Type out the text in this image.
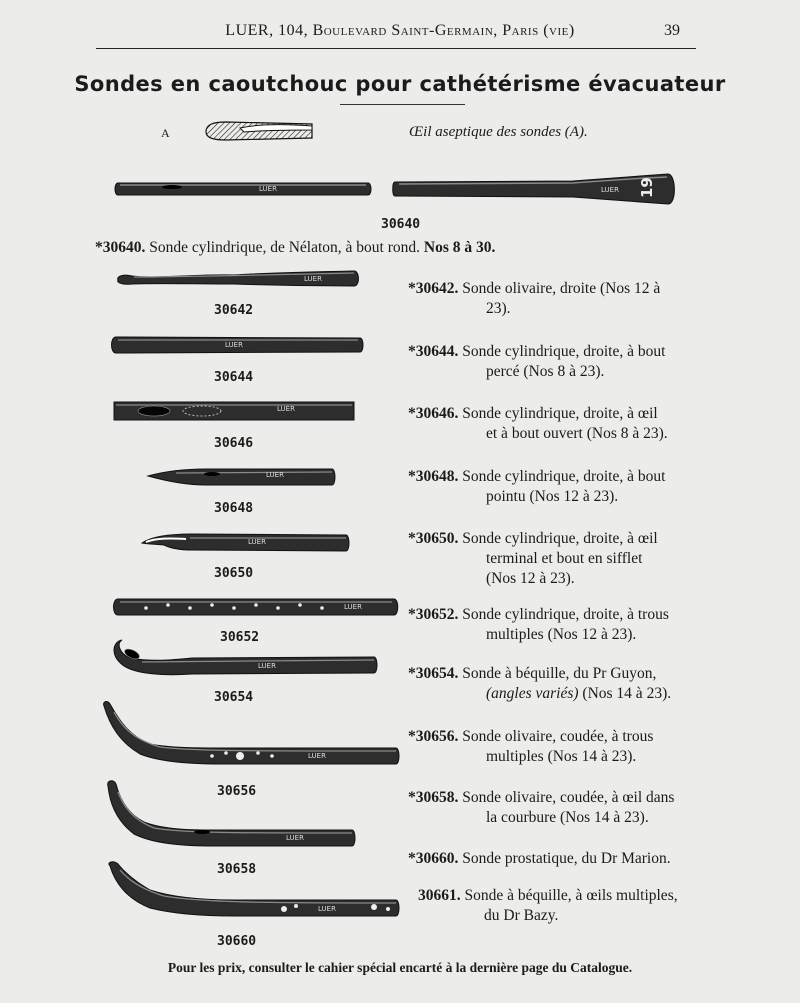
LUER, 104, Boulevard Saint-Germain, Paris (vie)	39
Sondes en caoutchouc pour cathétérisme évacuateur
A	Œil aseptique des sondes (A).
LUER	LUER 19
30640
*30640. Sonde cylindrique, de Nélaton, à bout rond. Nos 8 à 30.
LUER
30642
*30642. Sonde olivaire, droite (Nos 12 à
23).
LUER
30644
*30644. Sonde cylindrique, droite, à bout
percé (Nos 8 à 23).
LUER
30646
*30646. Sonde cylindrique, droite, à œil
et à bout ouvert (Nos 8 à 23).
LUER
30648
*30648. Sonde cylindrique, droite, à bout
pointu (Nos 12 à 23).
LUER
30650
*30650. Sonde cylindrique, droite, à œil
terminal et bout en sifflet
(Nos 12 à 23).
LUER
30652
*30652. Sonde cylindrique, droite, à trous
multiples (Nos 12 à 23).
LUER
30654
*30654. Sonde à béquille, du Pr Guyon,
(angles variés) (Nos 14 à 23).
LUER
30656
*30656. Sonde olivaire, coudée, à trous
multiples (Nos 14 à 23).
LUER
30658
*30658. Sonde olivaire, coudée, à œil dans
la courbure (Nos 14 à 23).
LUER
30660
*30660. Sonde prostatique, du Dr Marion.
30661. Sonde à béquille, à œils multiples,
du Dr Bazy.
Pour les prix, consulter le cahier spécial encarté à la dernière page du Catalogue.
